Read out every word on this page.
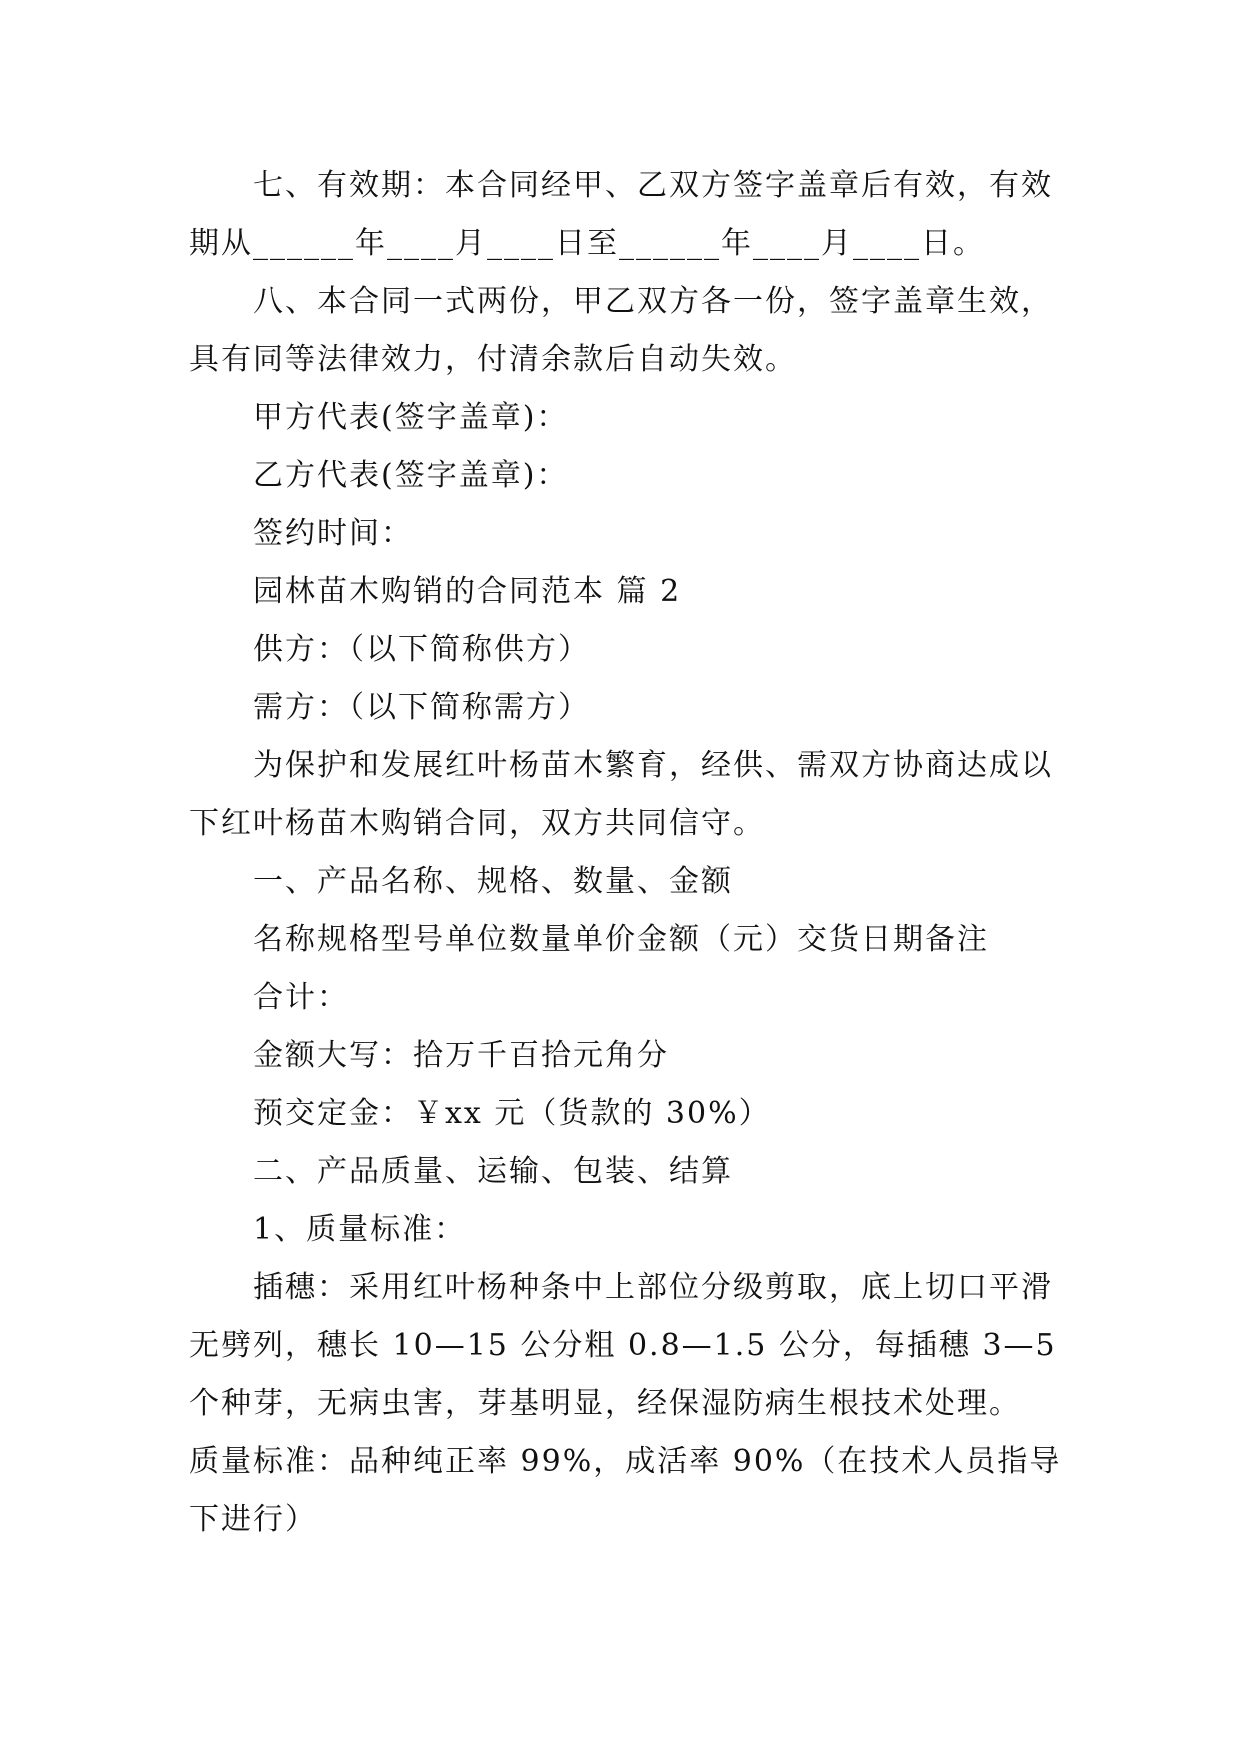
七、有效期：本合同经甲、乙双方签字盖章后有效，有效期从______年____月____日至______年____月____日。

八、本合同一式两份，甲乙双方各一份，签字盖章生效，具有同等法律效力，付清余款后自动失效。

甲方代表(签字盖章)：

乙方代表(签字盖章)：

签约时间：

园林苗木购销的合同范本 篇 2

供方：（以下简称供方）

需方：（以下简称需方）

为保护和发展红叶杨苗木繁育，经供、需双方协商达成以下红叶杨苗木购销合同，双方共同信守。

一、产品名称、规格、数量、金额

名称规格型号单位数量单价金额（元）交货日期备注

合计：

金额大写：拾万千百拾元角分

预交定金：￥xx 元（货款的 30%）

二、产品质量、运输、包装、结算

1、质量标准：

插穗：采用红叶杨种条中上部位分级剪取，底上切口平滑无劈列，穗长 10—15 公分粗 0.8—1.5 公分，每插穗 3—5 个种芽，无病虫害，芽基明显，经保湿防病生根技术处理。

质量标准：品种纯正率 99%，成活率 90%（在技术人员指导下进行）
